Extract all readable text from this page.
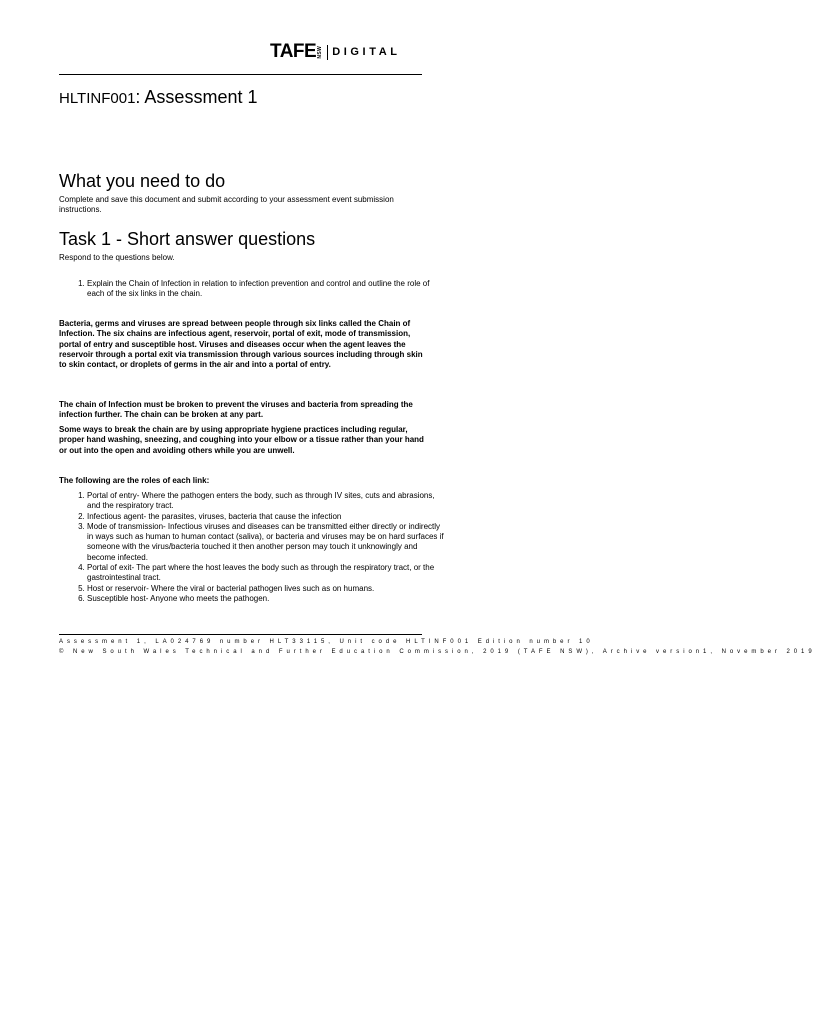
TAFE NSW DIGITAL
HLTINF001: Assessment 1
What you need to do

Complete and save this document and submit according to your assessment event submission instructions.

Task 1 - Short answer questions

Respond to the questions below.

1. Explain the Chain of Infection in relation to infection prevention and control and outline the role of each of the six links in the chain.

Bacteria, germs and viruses are spread between people through six links called the Chain of Infection. The six chains are infectious agent, reservoir, portal of exit, mode of transmission, portal of entry and susceptible host. Viruses and diseases occur when the agent leaves the reservoir through a portal exit via transmission through various sources including through skin to skin contact, or droplets of germs in the air and into a portal of entry.

The chain of Infection must be broken to prevent the viruses and bacteria from spreading the infection further. The chain can be broken at any part.

Some ways to break the chain are by using appropriate hygiene practices including regular, proper hand washing, sneezing, and coughing into your elbow or a tissue rather than your hand or out into the open and avoiding others while you are unwell.

The following are the roles of each link:

1. Portal of entry- Where the pathogen enters the body, such as through IV sites, cuts and abrasions, and the respiratory tract.
2. Infectious agent- the parasites, viruses, bacteria that cause the infection
3. Mode of transmission- Infectious viruses and diseases can be transmitted either directly or indirectly in ways such as human to human contact (saliva), or bacteria and viruses may be on hard surfaces if someone with the virus/bacteria touched it then another person may touch it unknowingly and become infected.
4. Portal of exit- The part where the host leaves the body such as through the respiratory tract, or the gastrointestinal tract.
5. Host or reservoir- Where the viral or bacterial pathogen lives such as on humans.
6. Susceptible host- Anyone who meets the pathogen.
Assessment 1, LA024769 number HLT33115, Unit code HLTINF001 Edition number 10
© New South Wales Technical and Further Education Commission, 2019 (TAFE NSW), Archive version1, November 2019
